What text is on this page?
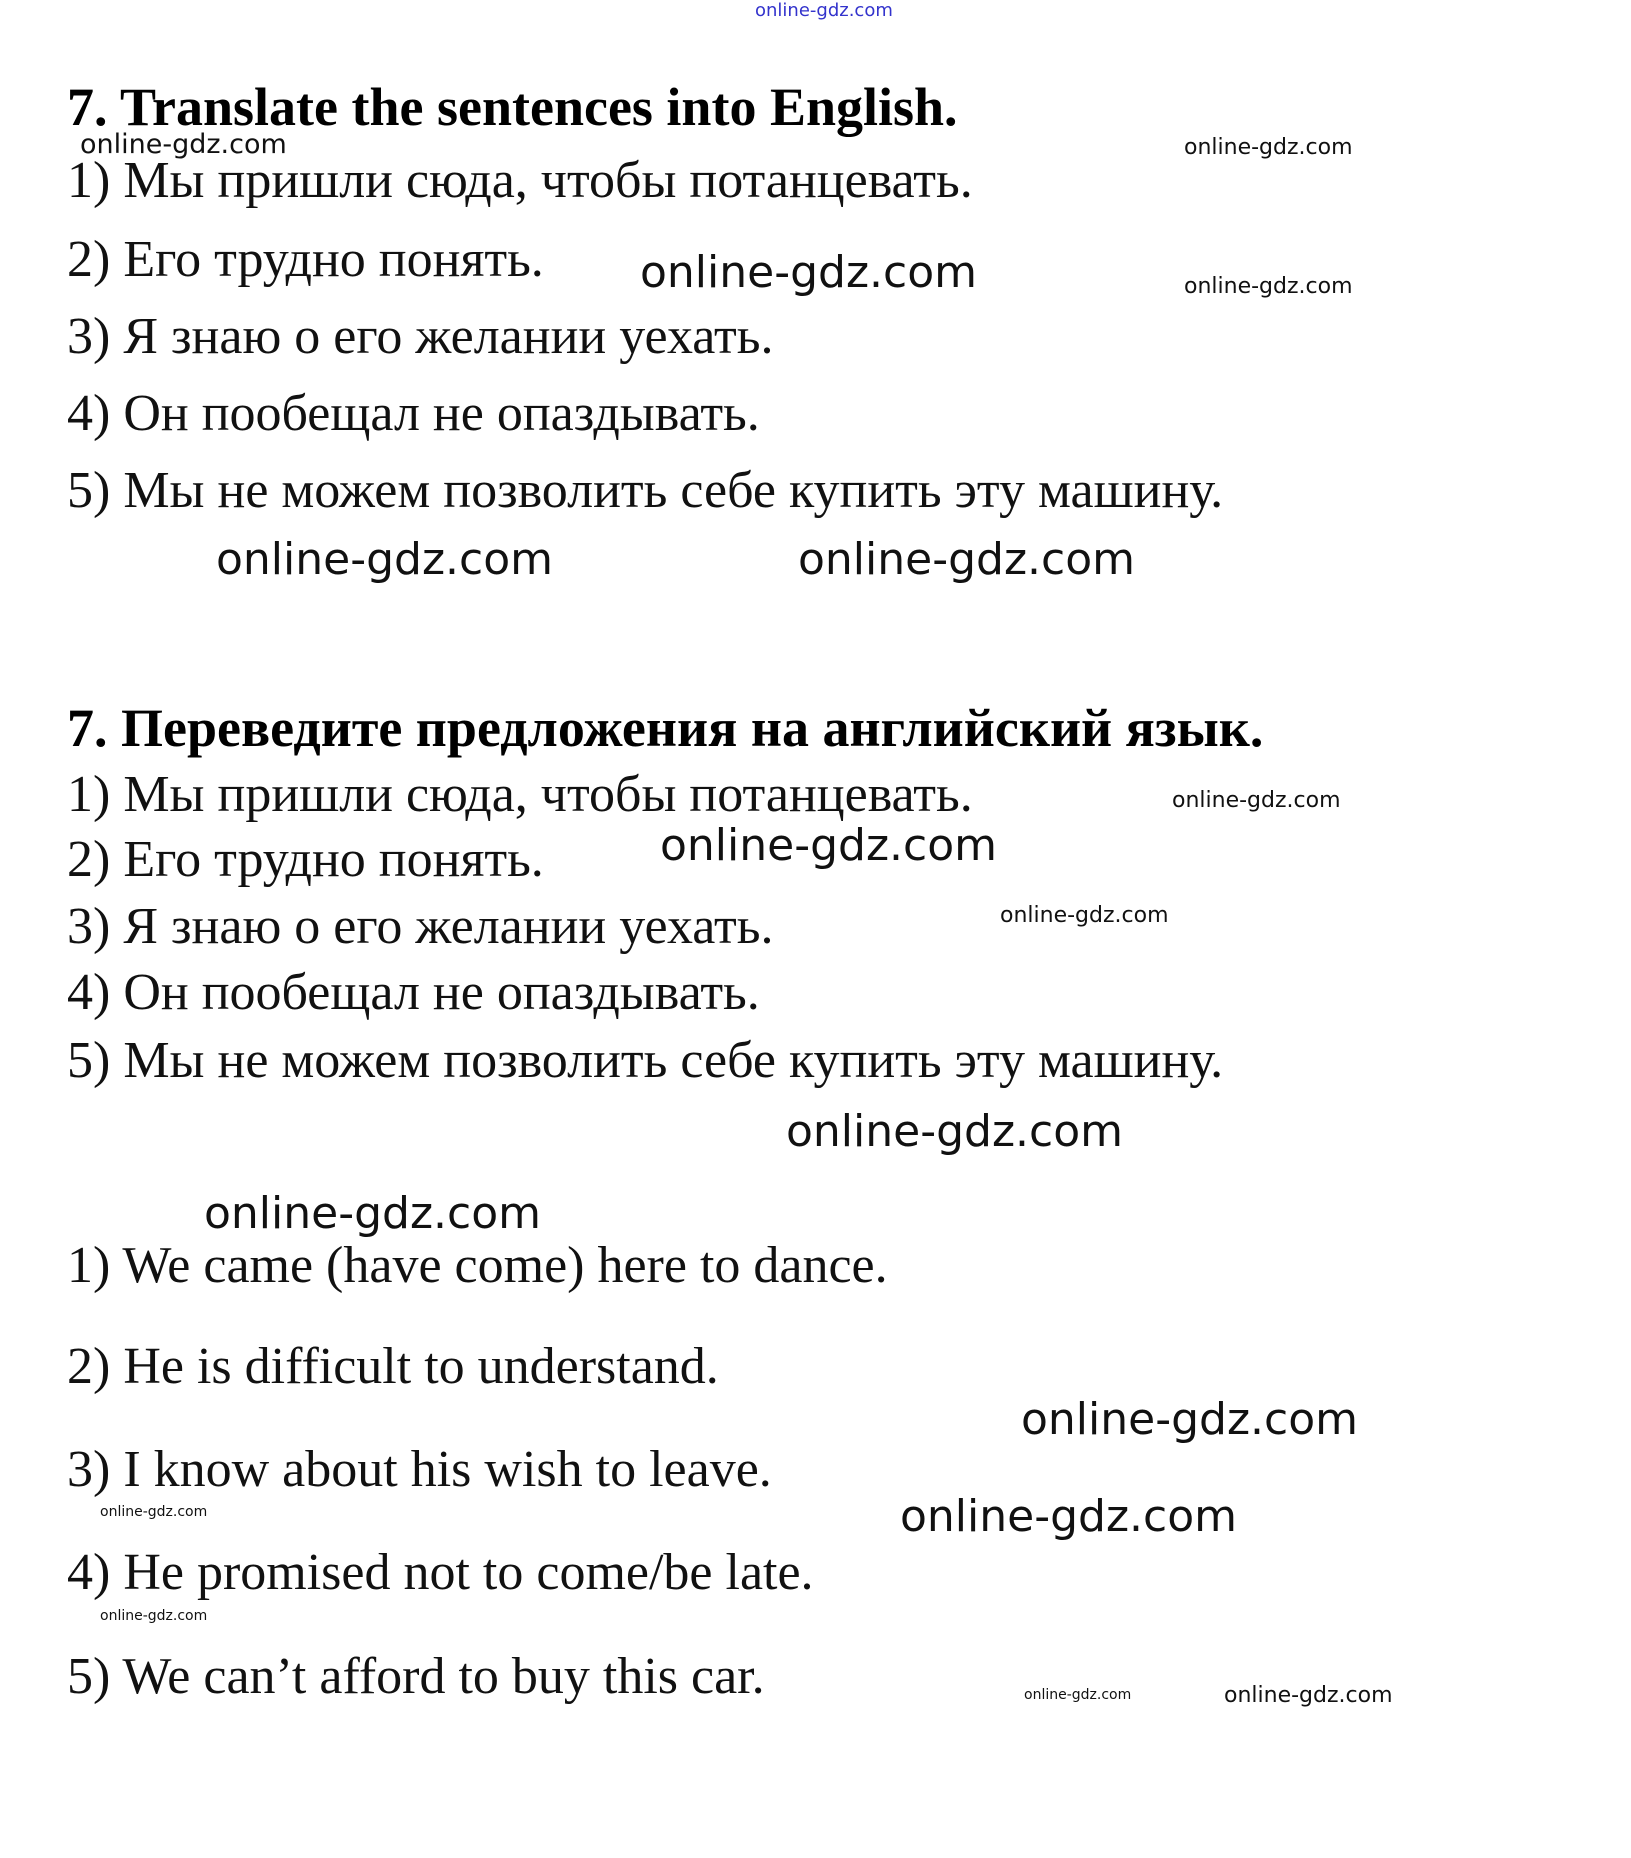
online-gdz.com
7. Translate the sentences into English.
1) Мы пришли сюда, чтобы потанцевать.
2) Его трудно понять.
3) Я знаю о его желании уехать.
4) Он пообещал не опаздывать.
5) Мы не можем позволить себе купить эту машину.
7. Переведите предложения на английский язык.
1) Мы пришли сюда, чтобы потанцевать.
2) Его трудно понять.
3) Я знаю о его желании уехать.
4) Он пообещал не опаздывать.
5) Мы не можем позволить себе купить эту машину.
1) We came (have come) here to dance.
2) He is difficult to understand.
3) I know about his wish to leave.
4) He promised not to come/be late.
5) We can’t afford to buy this car.
online-gdz.com	online-gdz.com
online-gdz.com	online-gdz.com
online-gdz.com	online-gdz.com
online-gdz.com
online-gdz.com
online-gdz.com
online-gdz.com
online-gdz.com
online-gdz.com
online-gdz.com
online-gdz.com
online-gdz.com
online-gdz.com	online-gdz.com
